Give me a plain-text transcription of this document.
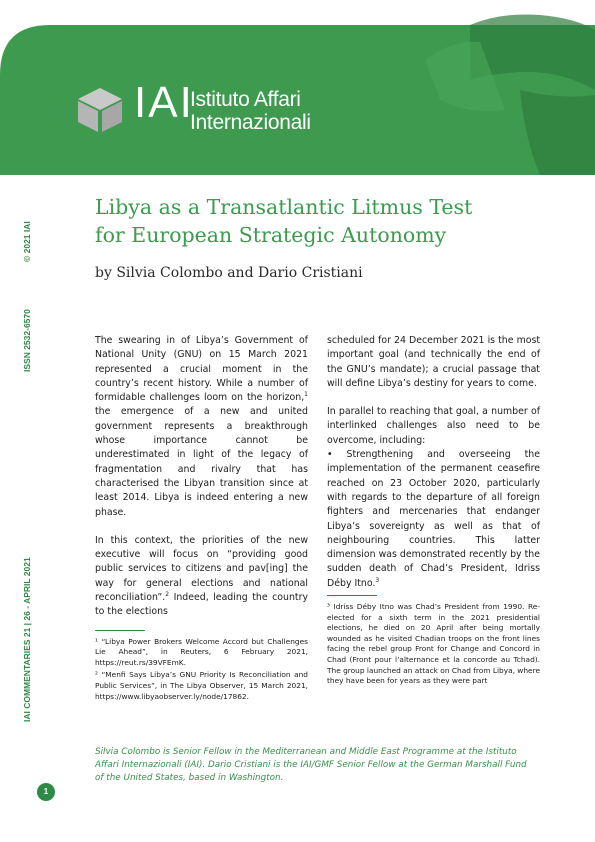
IAI
Istituto Affari
Internazionali
© 2021 IAI
ISSN 2532-6570
IAI COMMENTARIES 21 | 26 - APRIL 2021
Libya as a Transatlantic Litmus Test
for European Strategic Autonomy
by Silvia Colombo and Dario Cristiani

The swearing in of Libya’s Government of National Unity (GNU) on 15 March 2021 represented a crucial moment in the country’s recent history. While a number of formidable challenges loom on the horizon,$^1$ the emergence of a new and united government represents a breakthrough whose importance cannot be underestimated in light of the legacy of fragmentation and rivalry that has characterised the Libyan transition since at least 2014. Libya is indeed entering a new phase.

In this context, the priorities of the new executive will focus on “providing good public services to citizens and pav[ing] the way for general elections and national reconciliation”.$^2$ Indeed, leading the country to the elections

¹ “Libya Power Brokers Welcome Accord but Challenges Lie Ahead”, in Reuters, 6 February 2021, https://reut.rs/39VFEmK.
² “Menfi Says Libya’s GNU Priority Is Reconciliation and Public Services”, in The Libya Observer, 15 March 2021, https://www.libyaobserver.ly/node/17862.

scheduled for 24 December 2021 is the most important goal (and technically the end of the GNU’s mandate); a crucial passage that will define Libya’s destiny for years to come.

In parallel to reaching that goal, a number of interlinked challenges also need to be overcome, including:

• Strengthening and overseeing the implementation of the permanent ceasefire reached on 23 October 2020, particularly with regards to the departure of all foreign fighters and mercenaries that endanger Libya’s sovereignty as well as that of neighbouring countries. This latter dimension was demonstrated recently by the sudden death of Chad’s President, Idriss Déby Itno.$^3$

³ Idriss Déby Itno was Chad’s President from 1990. Re-elected for a sixth term in the 2021 presidential elections, he died on 20 April after being mortally wounded as he visited Chadian troops on the front lines facing the rebel group Front for Change and Concord in Chad (Front pour l’alternance et la concorde au Tchad). The group launched an attack on Chad from Libya, where they have been for years as they were part
Silvia Colombo is Senior Fellow in the Mediterranean and Middle East Programme at the Istituto Affari Internazionali (IAI). Dario Cristiani is the IAI/GMF Senior Fellow at the German Marshall Fund of the United States, based in Washington.
1
